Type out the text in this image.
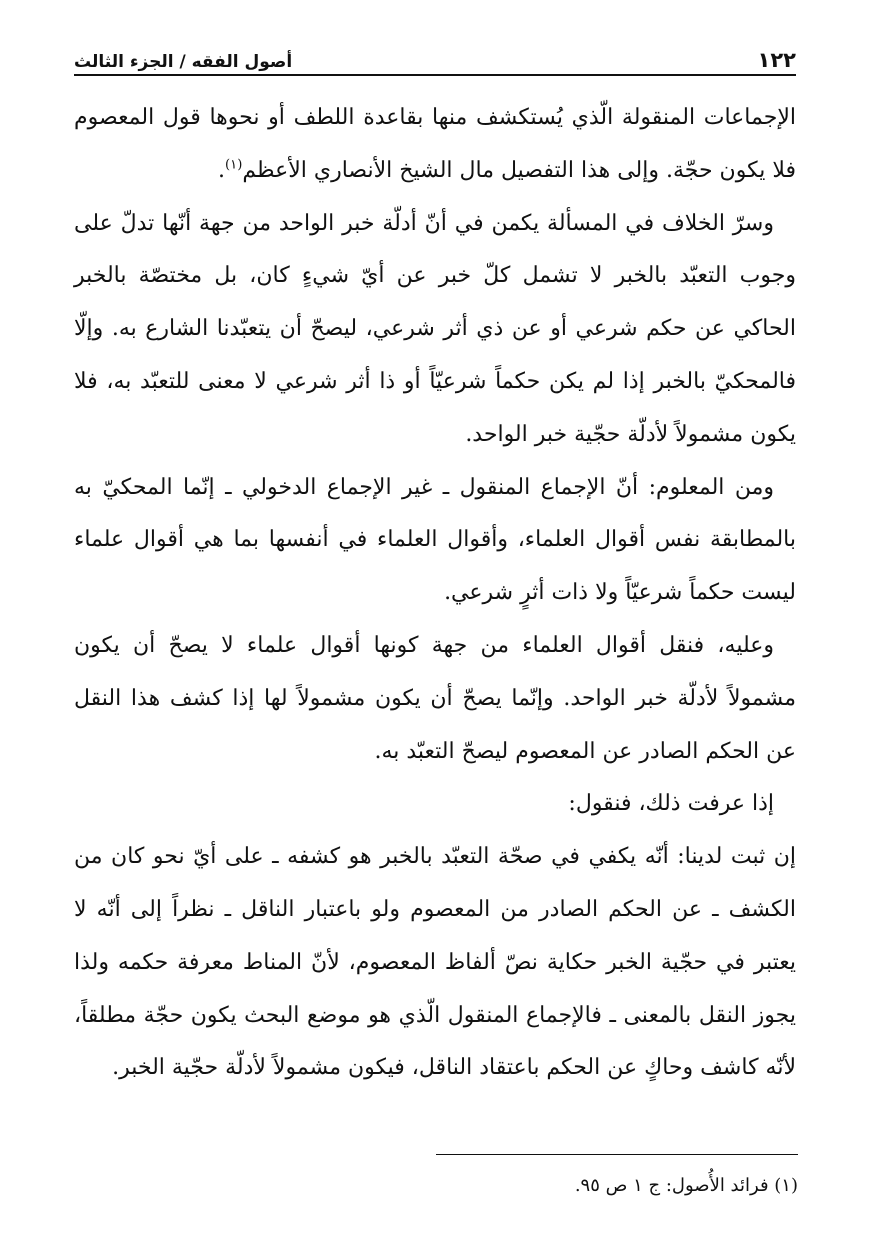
١٢٢
أصول الفقه / الجزء الثالث

الإجماعات المنقولة الّذي يُستكشف منها بقاعدة اللطف أو نحوها قول المعصوم فلا يكون حجّة. وإلى هذا التفصيل مال الشيخ الأنصاري الأعظم$^{(١)}$.

وسرّ الخلاف في المسألة يكمن في أنّ أدلّة خبر الواحد من جهة أنّها تدلّ على وجوب التعبّد بالخبر لا تشمل كلّ خبر عن أيّ شيءٍ كان، بل مختصّة بالخبر الحاكي عن حكم شرعي أو عن ذي أثر شرعي، ليصحّ أن يتعبّدنا الشارع به. وإلّا فالمحكيّ بالخبر إذا لم يكن حكماً شرعيّاً أو ذا أثر شرعي لا معنى للتعبّد به، فلا يكون مشمولاً لأدلّة حجّية خبر الواحد.

ومن المعلوم: أنّ الإجماع المنقول ـ غير الإجماع الدخولي ـ إنّما المحكيّ به بالمطابقة نفس أقوال العلماء، وأقوال العلماء في أنفسها بما هي أقوال علماء ليست حكماً شرعيّاً ولا ذات أثرٍ شرعي.

وعليه، فنقل أقوال العلماء من جهة كونها أقوال علماء لا يصحّ أن يكون مشمولاً لأدلّة خبر الواحد. وإنّما يصحّ أن يكون مشمولاً لها إذا كشف هذا النقل عن الحكم الصادر عن المعصوم ليصحّ التعبّد به.

إذا عرفت ذلك، فنقول:

إن ثبت لدينا: أنّه يكفي في صحّة التعبّد بالخبر هو كشفه ـ على أيّ نحو كان من الكشف ـ عن الحكم الصادر من المعصوم ولو باعتبار الناقل ـ نظراً إلى أنّه لا يعتبر في حجّية الخبر حكاية نصّ ألفاظ المعصوم، لأنّ المناط معرفة حكمه ولذا يجوز النقل بالمعنى ـ فالإجماع المنقول الّذي هو موضع البحث يكون حجّة مطلقاً، لأنّه كاشف وحاكٍ عن الحكم باعتقاد الناقل، فيكون مشمولاً لأدلّة حجّية الخبر.

(١) فرائد الأُصول: ج ١ ص ٩٥.
